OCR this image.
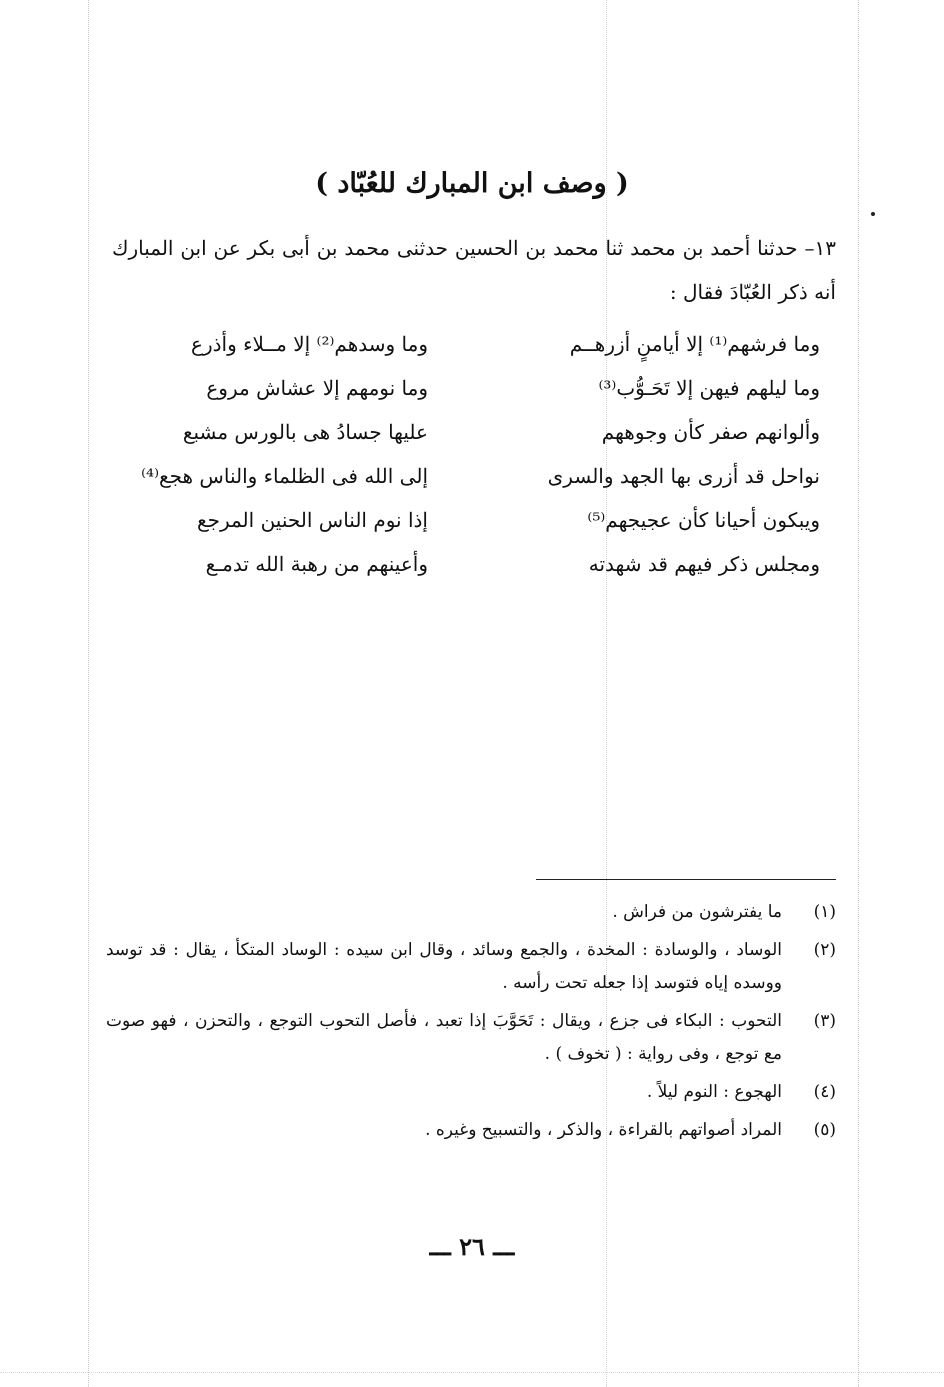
( وصف ابن المبارك للعُبّاد )
١٣– حدثنا أحمد بن محمد ثنا محمد بن الحسين حدثنى محمد بن أبى بكر عن ابن المبارك أنه ذكر العُبّادَ فقال :
وما فرشهم⁽¹⁾ إلا أيامنٍ أزرهــم
وما وسدهم⁽²⁾ إلا مــلاء وأذرع
وما ليلهم فيهن إلا تَحَـوُّب⁽³⁾
وما نومهم إلا عشاش مروع
وألوانهم صفر كأن وجوههم
عليها جسادُ هى بالورس مشبع
نواحل قد أزرى بها الجهد والسرى
إلى الله فى الظلماء والناس هجع⁽⁴⁾
ويبكون أحيانا كأن عجيجهم⁽⁵⁾
إذا نوم الناس الحنين المرجع
ومجلس ذكر فيهم قد شهدته
وأعينهم من رهبة الله تدمـع
(١)
ما يفترشون من فراش .
(٢)
الوساد ، والوسادة : المخدة ، والجمع وسائد ، وقال ابن سيده : الوساد المتكأ ، يقال : قد توسد ووسده إياه فتوسد إذا جعله تحت رأسه .
(٣)
التحوب : البكاء فى جزع ، ويقال : تَحَوَّبَ إذا تعبد ، فأصل التحوب التوجع ، والتحزن ، فهو صوت مع توجع ، وفى رواية : ( تخوف ) .
(٤)
الهجوع : النوم ليلاً .
(٥)
المراد أصواتهم بالقراءة ، والذكر ، والتسبيح وغيره .
ـــ ٢٦ ـــ
